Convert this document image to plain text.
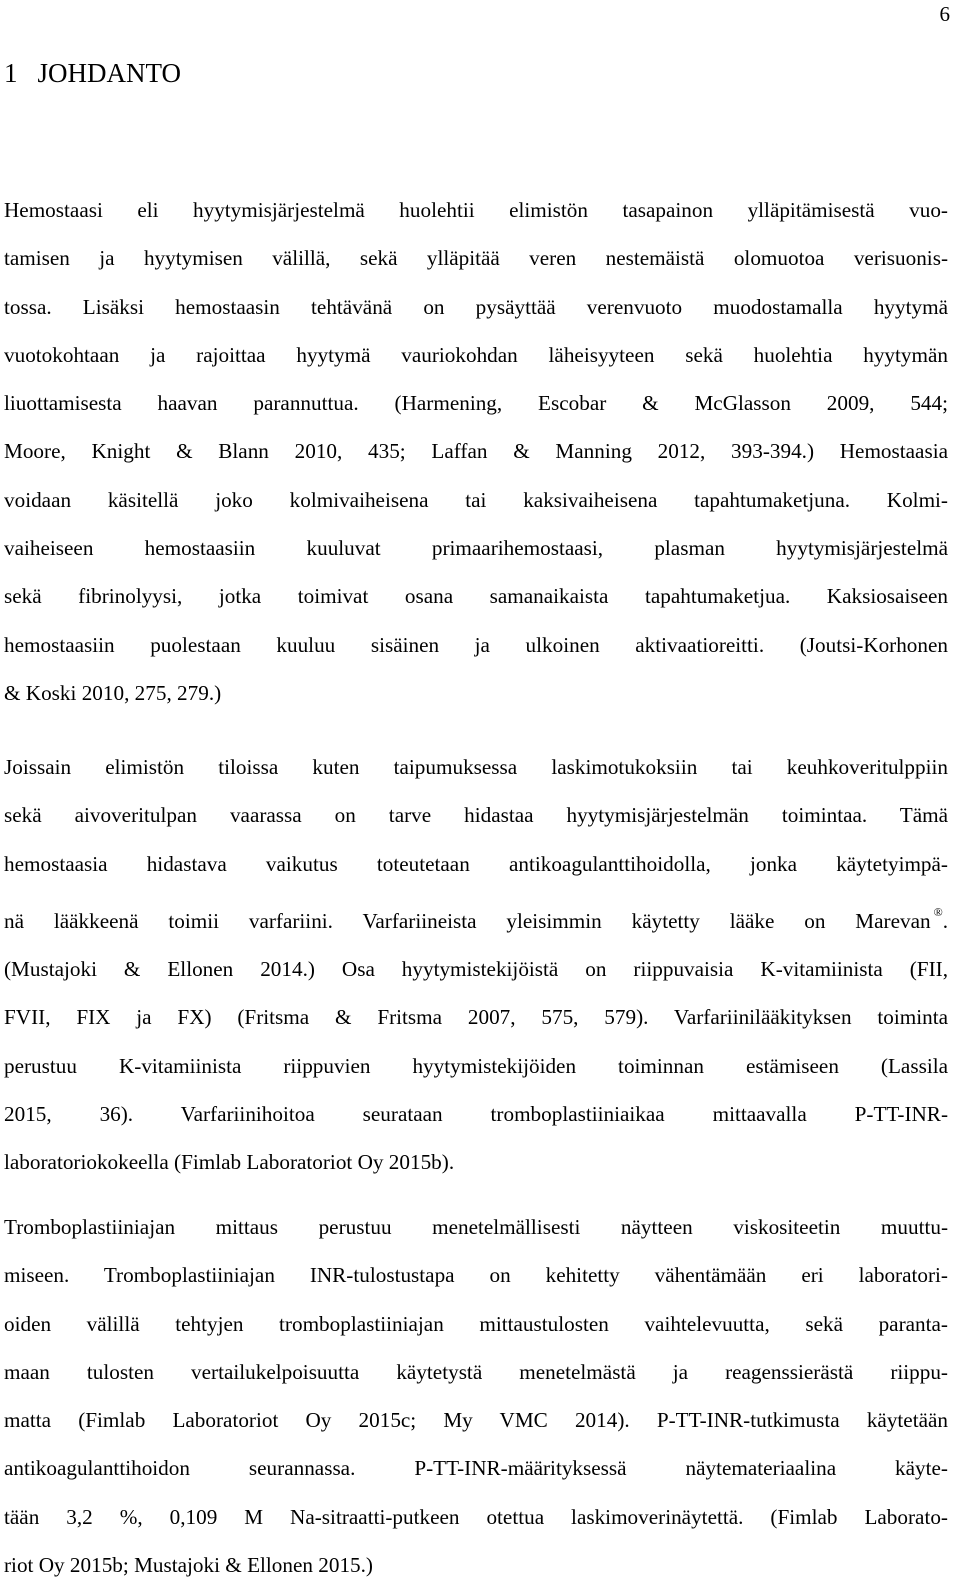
6
1 JOHDANTO

Hemostaasi eli hyytymisjärjestelmä huolehtii elimistön tasapainon ylläpitämisestä vuo-
tamisen ja hyytymisen välillä, sekä ylläpitää veren nestemäistä olomuotoa verisuonis-
tossa. Lisäksi hemostaasin tehtävänä on pysäyttää verenvuoto muodostamalla hyytymä
vuotokohtaan ja rajoittaa hyytymä vauriokohdan läheisyyteen sekä huolehtia hyytymän
liuottamisesta haavan parannuttua. (Harmening, Escobar & McGlasson 2009, 544;
Moore, Knight & Blann 2010, 435; Laffan & Manning 2012, 393-394.) Hemostaasia
voidaan käsitellä joko kolmivaiheisena tai kaksivaiheisena tapahtumaketjuna. Kolmi-
vaiheiseen hemostaasiin kuuluvat primaarihemostaasi, plasman hyytymisjärjestelmä
sekä fibrinolyysi, jotka toimivat osana samanaikaista tapahtumaketjua. Kaksiosaiseen
hemostaasiin puolestaan kuuluu sisäinen ja ulkoinen aktivaatioreitti. (Joutsi-Korhonen
& Koski 2010, 275, 279.)

Joissain elimistön tiloissa kuten taipumuksessa laskimotukoksiin tai keuhkoveritulppiin
sekä aivoveritulpan vaarassa on tarve hidastaa hyytymisjärjestelmän toimintaa. Tämä
hemostaasia hidastava vaikutus toteutetaan antikoagulanttihoidolla, jonka käytetyimpä-
nä lääkkeenä toimii varfariini. Varfariineista yleisimmin käytetty lääke on Marevan ®.
(Mustajoki & Ellonen 2014.) Osa hyytymistekijöistä on riippuvaisia K-vitamiinista (FII,
FVII, FIX ja FX) (Fritsma & Fritsma 2007, 575, 579). Varfariinilääkityksen toiminta
perustuu K-vitamiinista riippuvien hyytymistekijöiden toiminnan estämiseen (Lassila
2015, 36). Varfariinihoitoa seurataan tromboplastiiniaikaa mittaavalla P-TT-INR-
laboratoriokokeella (Fimlab Laboratoriot Oy 2015b).

Tromboplastiiniajan mittaus perustuu menetelmällisesti näytteen viskositeetin muuttu-
miseen. Tromboplastiiniajan INR-tulostustapa on kehitetty vähentämään eri laboratori-
oiden välillä tehtyjen tromboplastiiniajan mittaustulosten vaihtelevuutta, sekä paranta-
maan tulosten vertailukelpoisuutta käytetystä menetelmästä ja reagenssierästä riippu-
matta (Fimlab Laboratoriot Oy 2015c; My VMC 2014). P-TT-INR-tutkimusta käytetään
antikoagulanttihoidon seurannassa. P-TT-INR-määrityksessä näytemateriaalina käyte-
tään 3,2 %, 0,109 M Na-sitraatti-putkeen otettua laskimoverinäytettä. (Fimlab Laborato-
riot Oy 2015b; Mustajoki & Ellonen 2015.)
